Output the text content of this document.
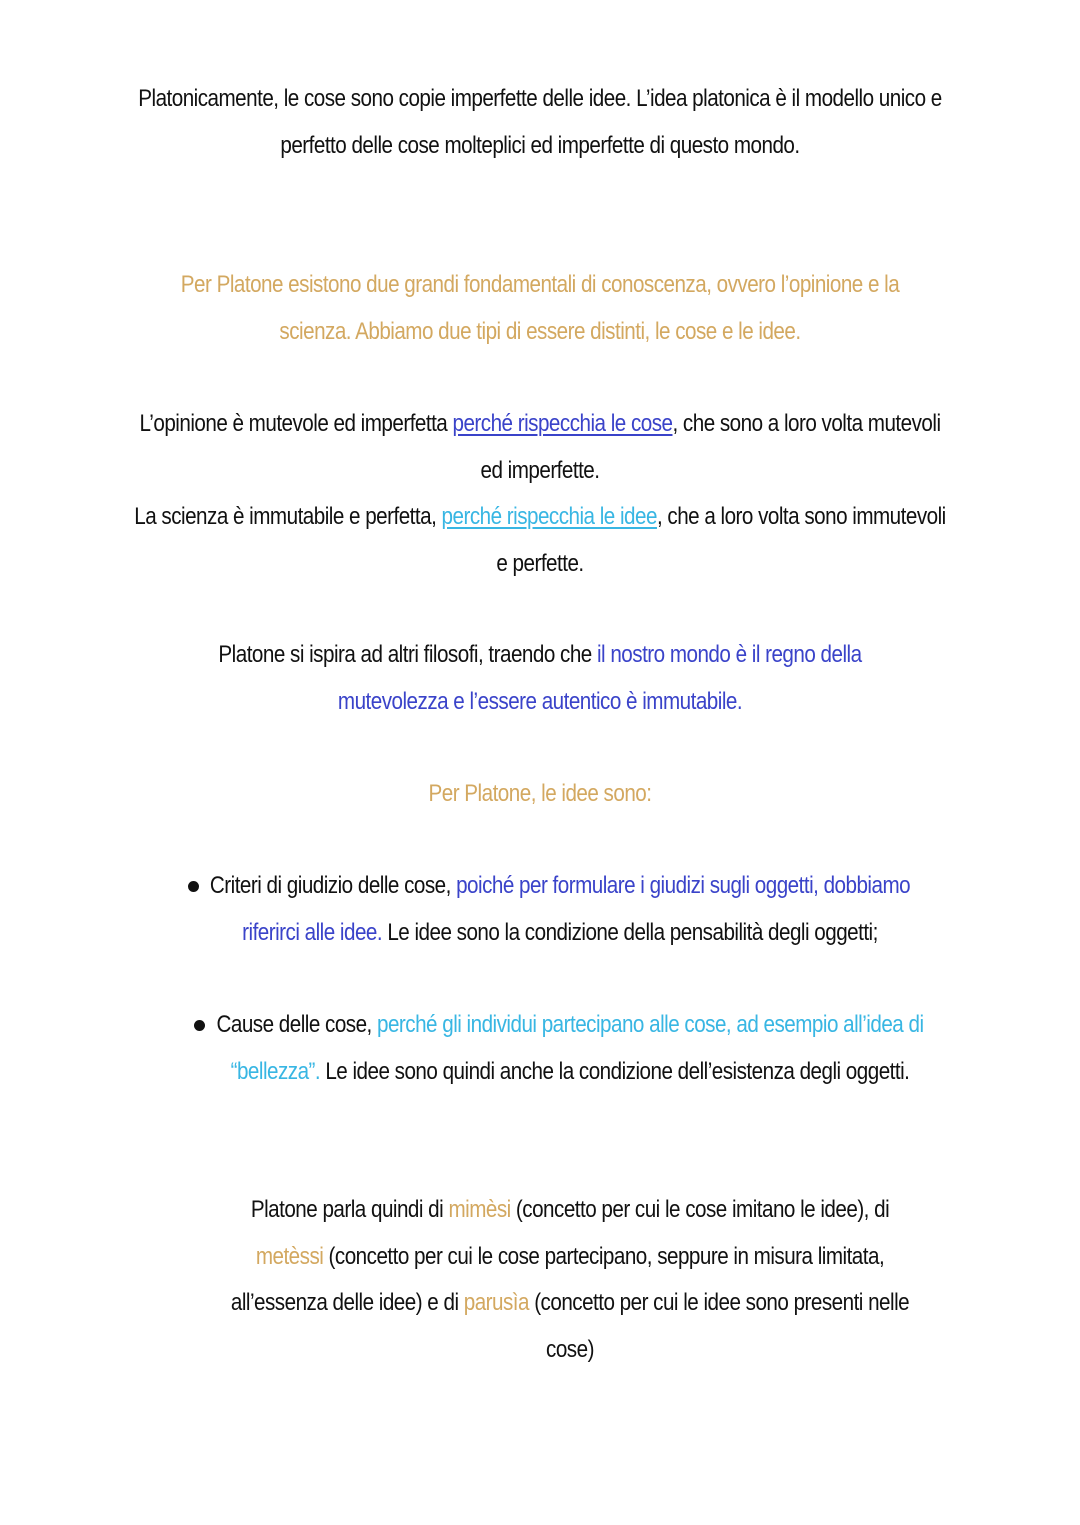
Platonicamente, le cose sono copie imperfette delle idee. L’idea platonica è il modello unico e perfetto delle cose molteplici ed imperfette di questo mondo.
Per Platone esistono due grandi fondamentali di conoscenza, ovvero l’opinione e la scienza. Abbiamo due tipi di essere distinti, le cose e le idee.
L’opinione è mutevole ed imperfetta perché rispecchia le cose, che sono a loro volta mutevoli ed imperfette.
La scienza è immutabile e perfetta, perché rispecchia le idee, che a loro volta sono immutevoli e perfette.
Platone si ispira ad altri filosofi, traendo che il nostro mondo è il regno della mutevolezza e l’essere autentico è immutabile.
Per Platone, le idee sono:
Criteri di giudizio delle cose, poiché per formulare i giudizi sugli oggetti, dobbiamo riferirci alle idee. Le idee sono la condizione della pensabilità degli oggetti;
Cause delle cose, perché gli individui partecipano alle cose, ad esempio all’idea di “bellezza”. Le idee sono quindi anche la condizione dell’esistenza degli oggetti.
Platone parla quindi di mimèsi (concetto per cui le cose imitano le idee), di metèssi (concetto per cui le cose partecipano, seppure in misura limitata, all’essenza delle idee) e di parusìa (concetto per cui le idee sono presenti nelle cose)
